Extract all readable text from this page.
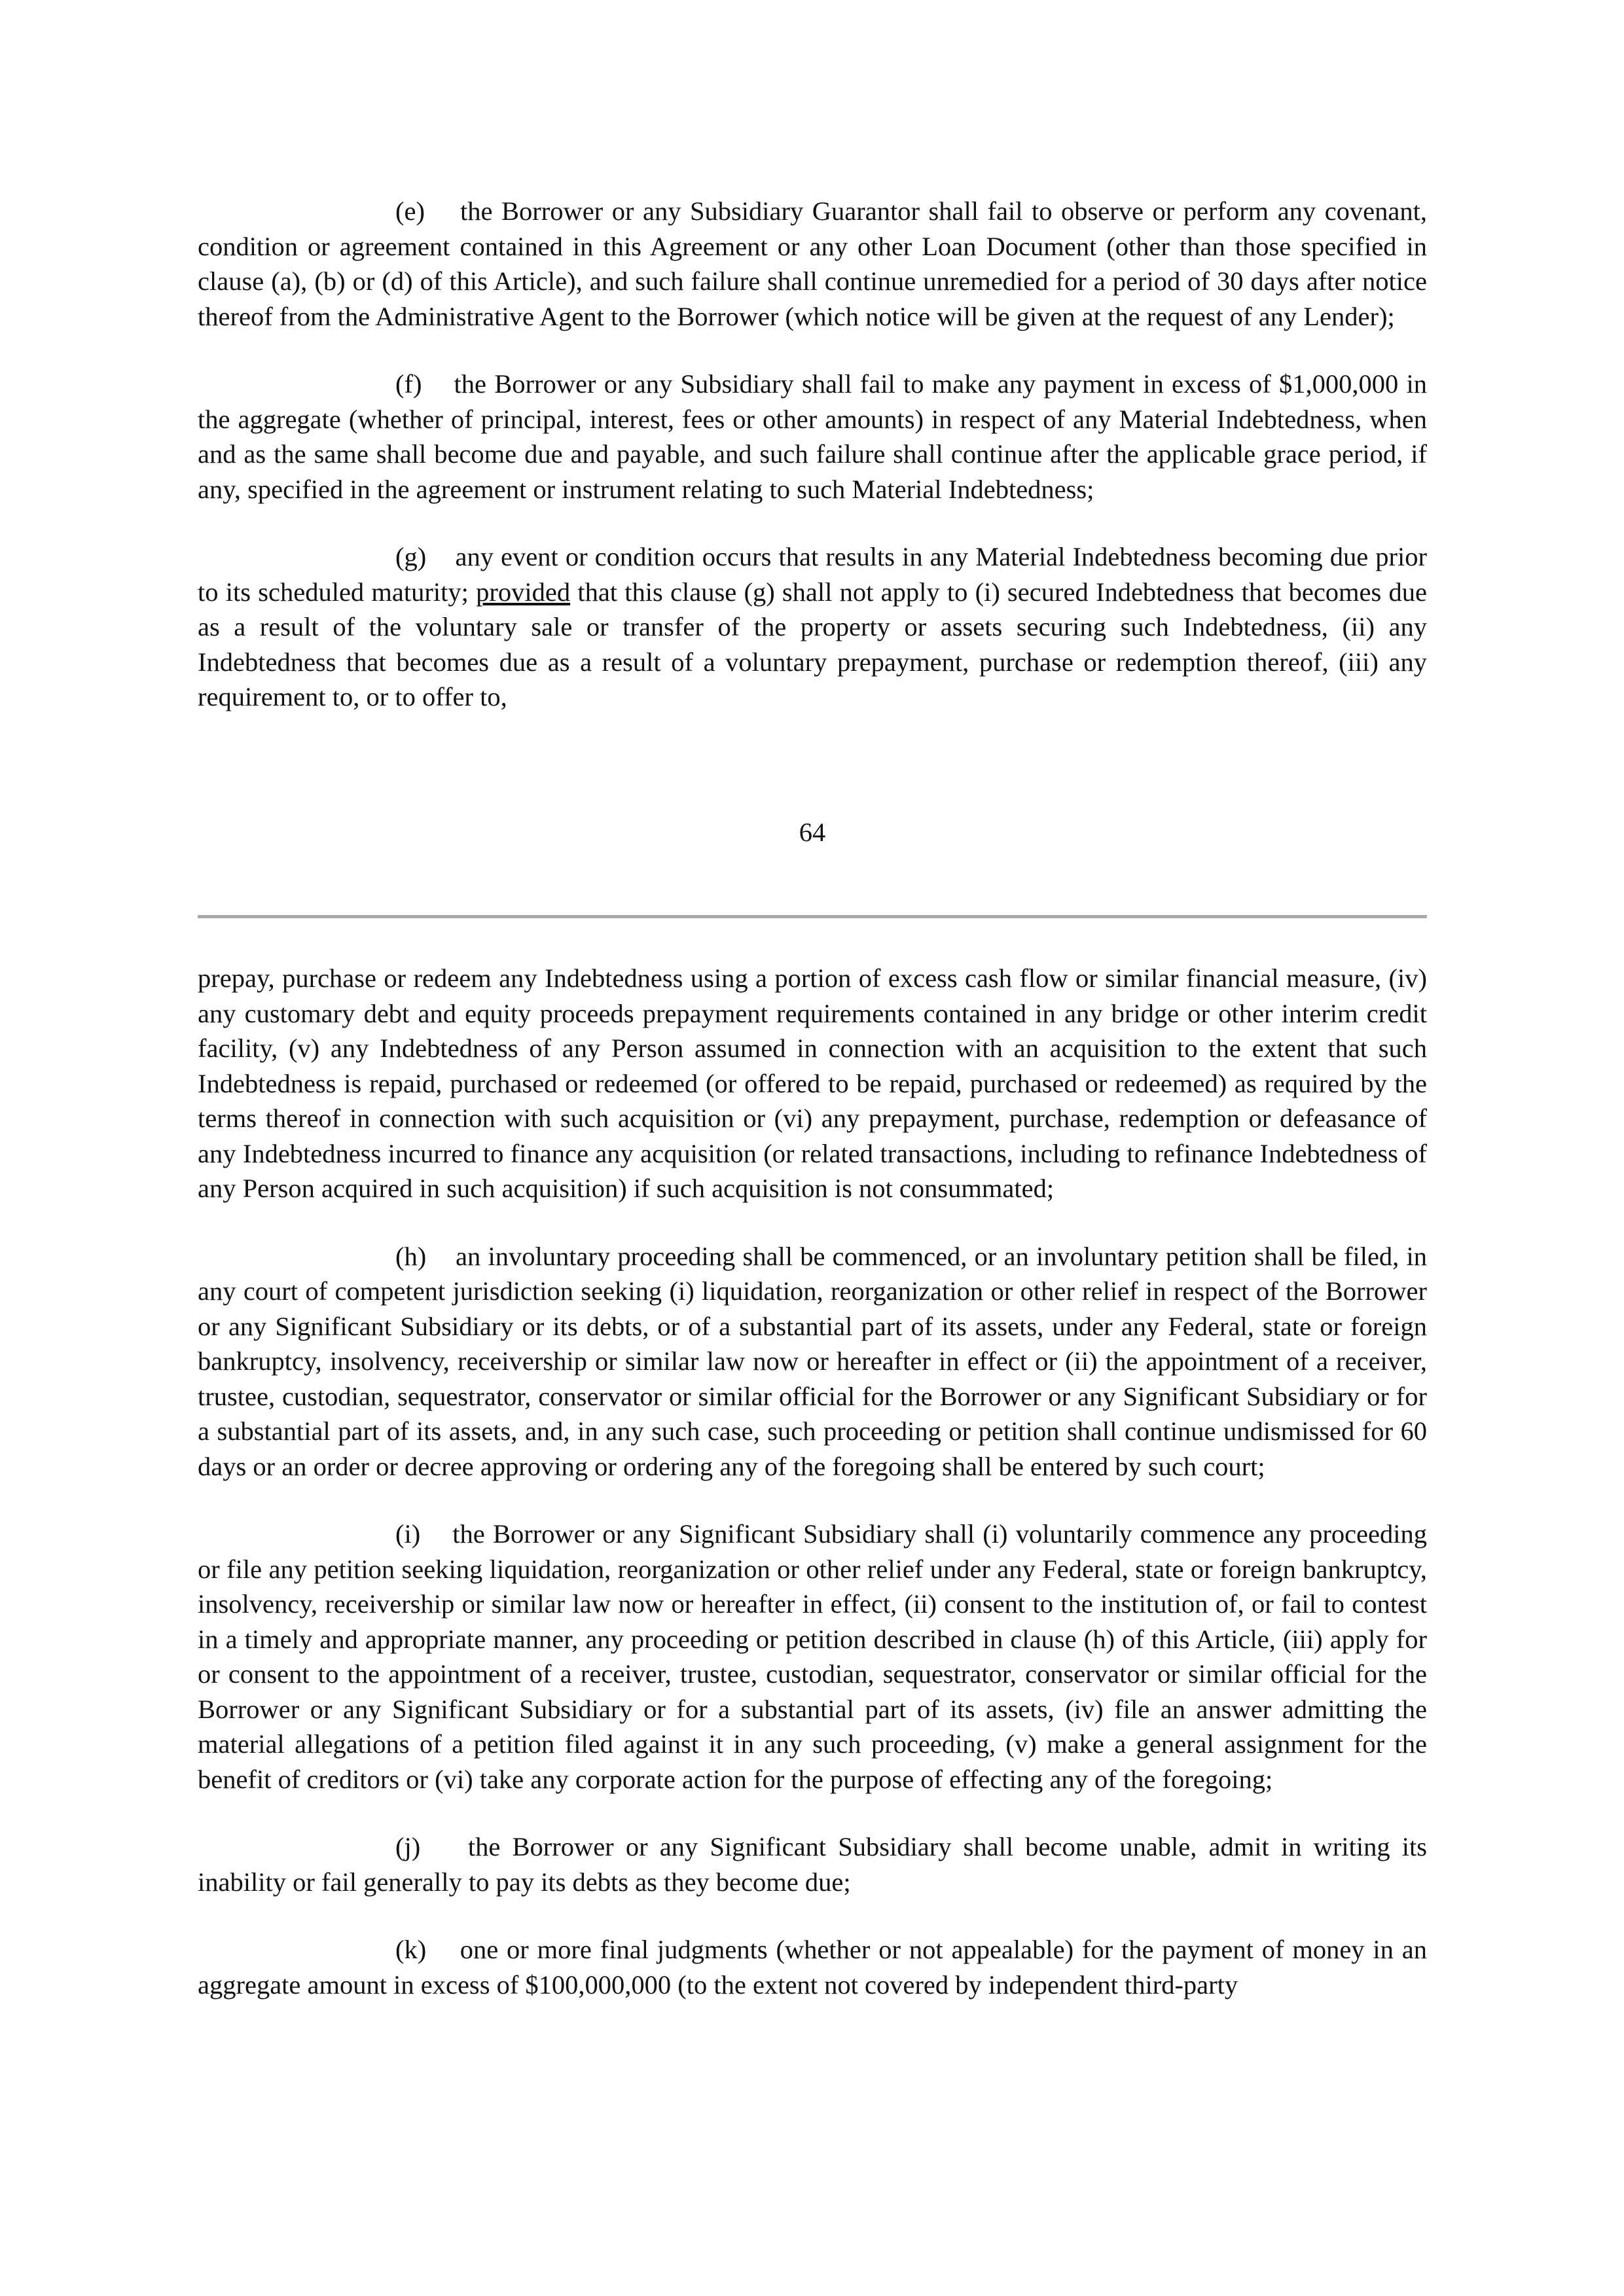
(e) the Borrower or any Subsidiary Guarantor shall fail to observe or perform any covenant, condition or agreement contained in this Agreement or any other Loan Document (other than those specified in clause (a), (b) or (d) of this Article), and such failure shall continue unremedied for a period of 30 days after notice thereof from the Administrative Agent to the Borrower (which notice will be given at the request of any Lender);

(f) the Borrower or any Subsidiary shall fail to make any payment in excess of $1,000,000 in the aggregate (whether of principal, interest, fees or other amounts) in respect of any Material Indebtedness, when and as the same shall become due and payable, and such failure shall continue after the applicable grace period, if any, specified in the agreement or instrument relating to such Material Indebtedness;

(g) any event or condition occurs that results in any Material Indebtedness becoming due prior to its scheduled maturity; provided that this clause (g) shall not apply to (i) secured Indebtedness that becomes due as a result of the voluntary sale or transfer of the property or assets securing such Indebtedness, (ii) any Indebtedness that becomes due as a result of a voluntary prepayment, purchase or redemption thereof, (iii) any requirement to, or to offer to,

64

prepay, purchase or redeem any Indebtedness using a portion of excess cash flow or similar financial measure, (iv) any customary debt and equity proceeds prepayment requirements contained in any bridge or other interim credit facility, (v) any Indebtedness of any Person assumed in connection with an acquisition to the extent that such Indebtedness is repaid, purchased or redeemed (or offered to be repaid, purchased or redeemed) as required by the terms thereof in connection with such acquisition or (vi) any prepayment, purchase, redemption or defeasance of any Indebtedness incurred to finance any acquisition (or related transactions, including to refinance Indebtedness of any Person acquired in such acquisition) if such acquisition is not consummated;

(h) an involuntary proceeding shall be commenced, or an involuntary petition shall be filed, in any court of competent jurisdiction seeking (i) liquidation, reorganization or other relief in respect of the Borrower or any Significant Subsidiary or its debts, or of a substantial part of its assets, under any Federal, state or foreign bankruptcy, insolvency, receivership or similar law now or hereafter in effect or (ii) the appointment of a receiver, trustee, custodian, sequestrator, conservator or similar official for the Borrower or any Significant Subsidiary or for a substantial part of its assets, and, in any such case, such proceeding or petition shall continue undismissed for 60 days or an order or decree approving or ordering any of the foregoing shall be entered by such court;

(i) the Borrower or any Significant Subsidiary shall (i) voluntarily commence any proceeding or file any petition seeking liquidation, reorganization or other relief under any Federal, state or foreign bankruptcy, insolvency, receivership or similar law now or hereafter in effect, (ii) consent to the institution of, or fail to contest in a timely and appropriate manner, any proceeding or petition described in clause (h) of this Article, (iii) apply for or consent to the appointment of a receiver, trustee, custodian, sequestrator, conservator or similar official for the Borrower or any Significant Subsidiary or for a substantial part of its assets, (iv) file an answer admitting the material allegations of a petition filed against it in any such proceeding, (v) make a general assignment for the benefit of creditors or (vi) take any corporate action for the purpose of effecting any of the foregoing;

(j) the Borrower or any Significant Subsidiary shall become unable, admit in writing its inability or fail generally to pay its debts as they become due;

(k) one or more final judgments (whether or not appealable) for the payment of money in an aggregate amount in excess of $100,000,000 (to the extent not covered by independent third-party
